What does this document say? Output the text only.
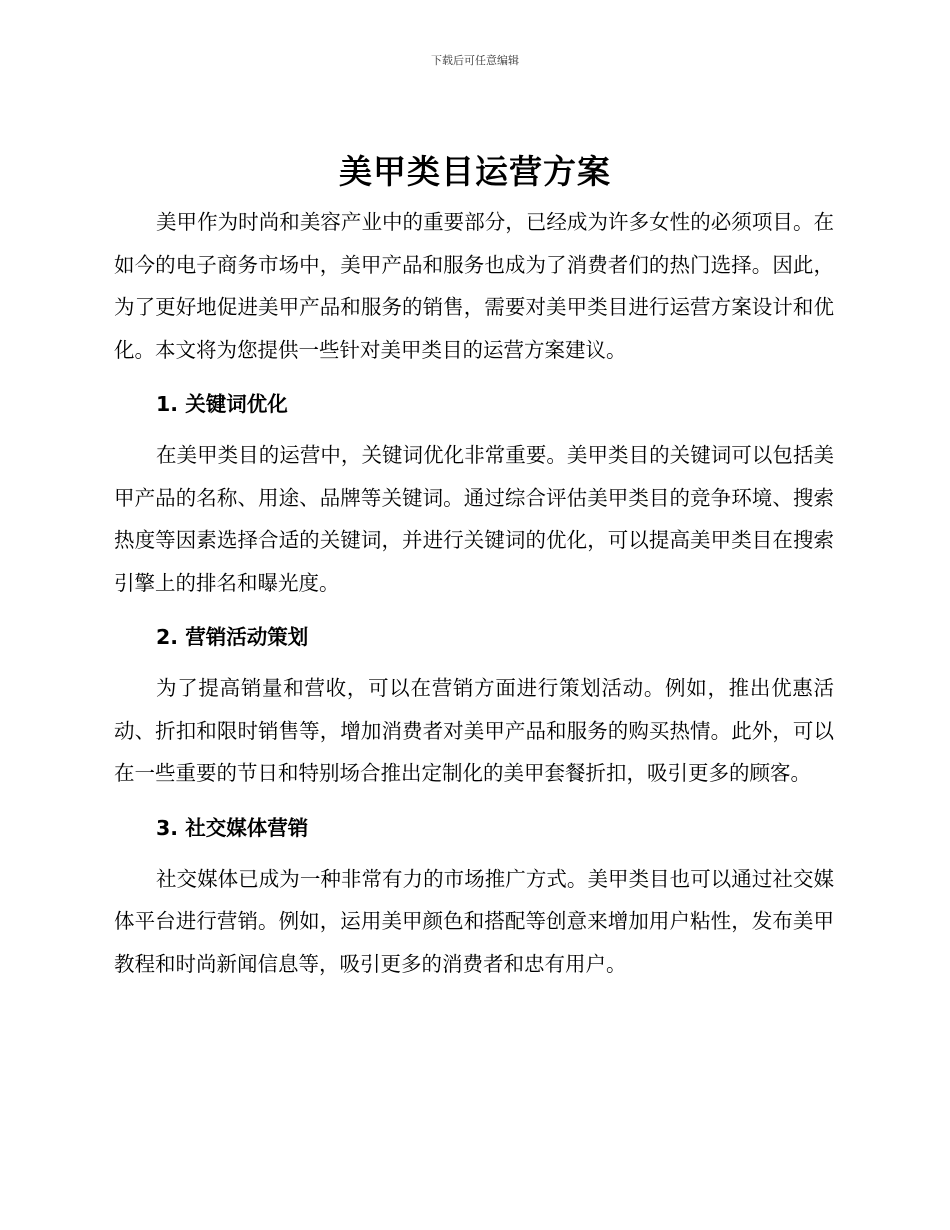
下载后可任意编辑
美甲类目运营方案

美甲作为时尚和美容产业中的重要部分，已经成为许多女性的必须项目。在如今的电子商务市场中，美甲产品和服务也成为了消费者们的热门选择。因此，为了更好地促进美甲产品和服务的销售，需要对美甲类目进行运营方案设计和优化。本文将为您提供一些针对美甲类目的运营方案建议。

1. 关键词优化

在美甲类目的运营中，关键词优化非常重要。美甲类目的关键词可以包括美甲产品的名称、用途、品牌等关键词。通过综合评估美甲类目的竞争环境、搜索热度等因素选择合适的关键词，并进行关键词的优化，可以提高美甲类目在搜索引擎上的排名和曝光度。

2. 营销活动策划

为了提高销量和营收，可以在营销方面进行策划活动。例如，推出优惠活动、折扣和限时销售等，增加消费者对美甲产品和服务的购买热情。此外，可以在一些重要的节日和特别场合推出定制化的美甲套餐折扣，吸引更多的顾客。

3. 社交媒体营销

社交媒体已成为一种非常有力的市场推广方式。美甲类目也可以通过社交媒体平台进行营销。例如，运用美甲颜色和搭配等创意来增加用户粘性，发布美甲教程和时尚新闻信息等，吸引更多的消费者和忠有用户。
